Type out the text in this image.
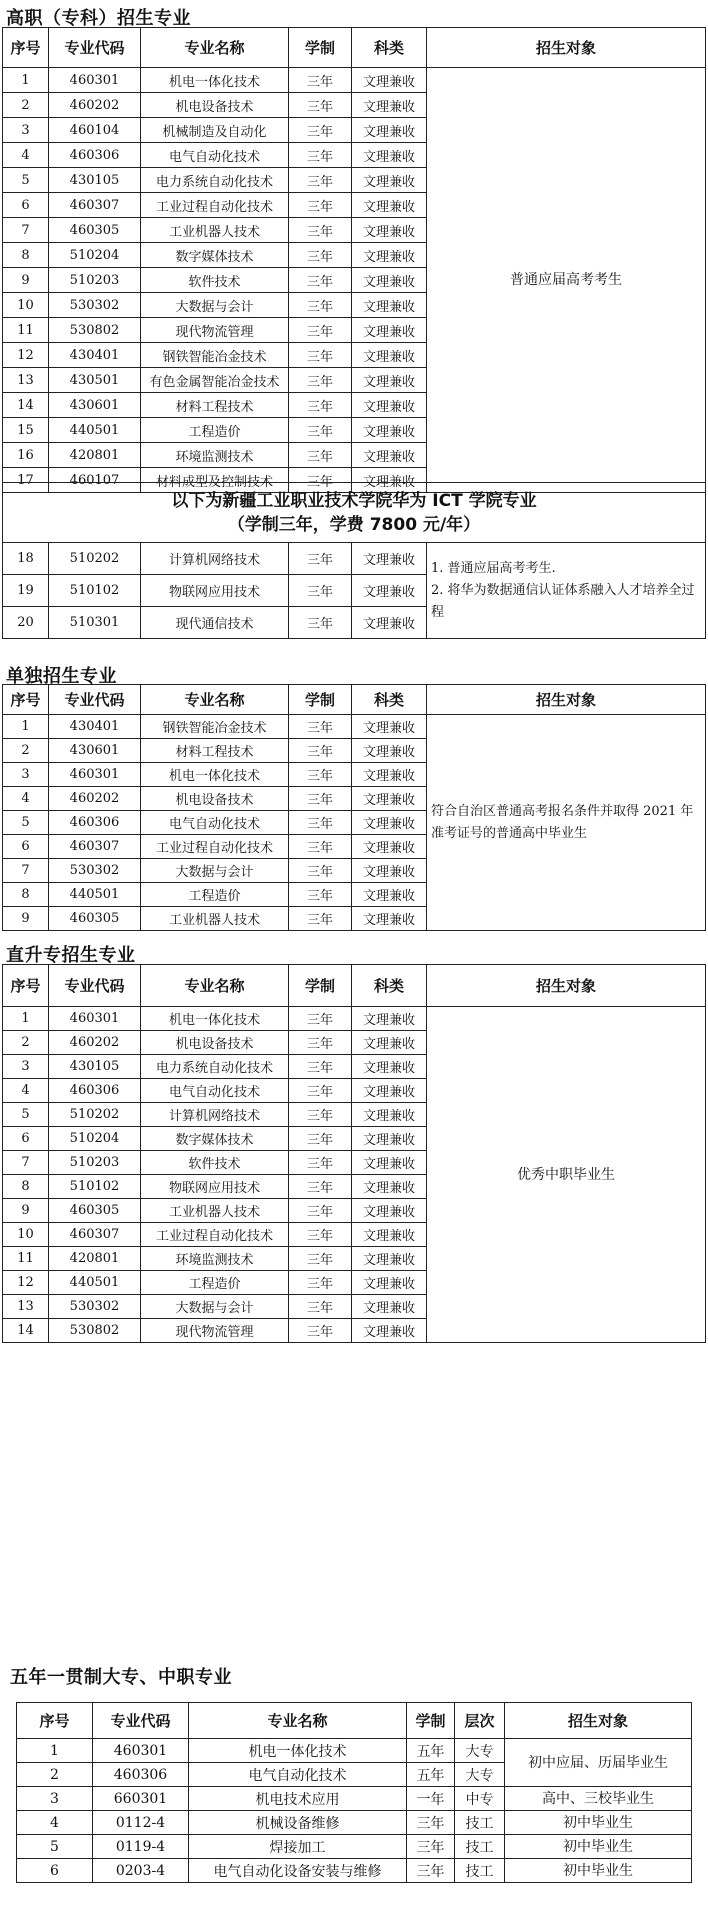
高职（专科）招生专业
序号	专业代码	专业名称	学制	科类	招生对象
1	460301	机电一体化技术	三年	文理兼收	普通应届高考考生
2	460202	机电设备技术	三年	文理兼收	
3	460104	机械制造及自动化	三年	文理兼收	
4	460306	电气自动化技术	三年	文理兼收	
5	430105	电力系统自动化技术	三年	文理兼收	
6	460307	工业过程自动化技术	三年	文理兼收	
7	460305	工业机器人技术	三年	文理兼收	
8	510204	数字媒体技术	三年	文理兼收	
9	510203	软件技术	三年	文理兼收	
10	530302	大数据与会计	三年	文理兼收	
11	530802	现代物流管理	三年	文理兼收	
12	430401	钢铁智能冶金技术	三年	文理兼收	
13	430501	有色金属智能冶金技术	三年	文理兼收	
14	430601	材料工程技术	三年	文理兼收	
15	440501	工程造价	三年	文理兼收	
16	420801	环境监测技术	三年	文理兼收	
17	460107	材料成型及控制技术	三年	文理兼收	
以下为新疆工业职业技术学院华为 ICT 学院专业
（学制三年，学费 7800 元/年）
18	510202	计算机网络技术	三年	文理兼收	1. 普通应届高考考生.
2. 将华为数据通信认证体系融入人才培养全过程
19	510102	物联网应用技术	三年	文理兼收	
20	510301	现代通信技术	三年	文理兼收	
单独招生专业
序号	专业代码	专业名称	学制	科类	招生对象
1	430401	钢铁智能冶金技术	三年	文理兼收	符合自治区普通高考报名条件并取得 2021 年准考证号的普通高中毕业生
2	430601	材料工程技术	三年	文理兼收	
3	460301	机电一体化技术	三年	文理兼收	
4	460202	机电设备技术	三年	文理兼收	
5	460306	电气自动化技术	三年	文理兼收	
6	460307	工业过程自动化技术	三年	文理兼收	
7	530302	大数据与会计	三年	文理兼收	
8	440501	工程造价	三年	文理兼收	
9	460305	工业机器人技术	三年	文理兼收	
直升专招生专业
序号	专业代码	专业名称	学制	科类	招生对象
1	460301	机电一体化技术	三年	文理兼收	优秀中职毕业生
2	460202	机电设备技术	三年	文理兼收	
3	430105	电力系统自动化技术	三年	文理兼收	
4	460306	电气自动化技术	三年	文理兼收	
5	510202	计算机网络技术	三年	文理兼收	
6	510204	数字媒体技术	三年	文理兼收	
7	510203	软件技术	三年	文理兼收	
8	510102	物联网应用技术	三年	文理兼收	
9	460305	工业机器人技术	三年	文理兼收	
10	460307	工业过程自动化技术	三年	文理兼收	
11	420801	环境监测技术	三年	文理兼收	
12	440501	工程造价	三年	文理兼收	
13	530302	大数据与会计	三年	文理兼收	
14	530802	现代物流管理	三年	文理兼收	
五年一贯制大专、中职专业
序号	专业代码	专业名称	学制	层次	招生对象
1	460301	机电一体化技术	五年	大专	初中应届、历届毕业生
2	460306	电气自动化技术	五年	大专	
3	660301	机电技术应用	一年	中专	高中、三校毕业生
4	0112-4	机械设备维修	三年	技工	初中毕业生
5	0119-4	焊接加工	三年	技工	初中毕业生
6	0203-4	电气自动化设备安装与维修	三年	技工	初中毕业生
